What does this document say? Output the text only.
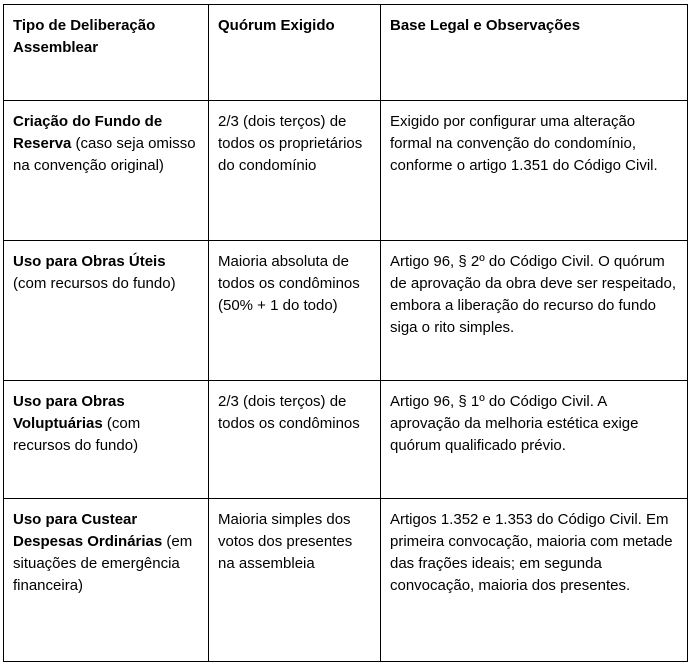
Tipo de Deliberação Assemblear	Quórum Exigido	Base Legal e Observações
Criação do Fundo de Reserva (caso seja omisso na convenção original)	2/3 (dois terços) de todos os proprietários do condomínio	Exigido por configurar uma alteração formal na convenção do condomínio, conforme o artigo 1.351 do Código Civil.
Uso para Obras Úteis (com recursos do fundo)	Maioria absoluta de todos os condôminos (50% + 1 do todo)	Artigo 96, § 2º do Código Civil. O quórum de aprovação da obra deve ser respeitado, embora a liberação do recurso do fundo siga o rito simples.
Uso para Obras Voluptuárias (com recursos do fundo)	2/3 (dois terços) de todos os condôminos	Artigo 96, § 1º do Código Civil. A aprovação da melhoria estética exige quórum qualificado prévio.
Uso para Custear Despesas Ordinárias (em situações de emergência financeira)	Maioria simples dos votos dos presentes na assembleia	Artigos 1.352 e 1.353 do Código Civil. Em primeira convocação, maioria com metade das frações ideais; em segunda convocação, maioria dos presentes.
